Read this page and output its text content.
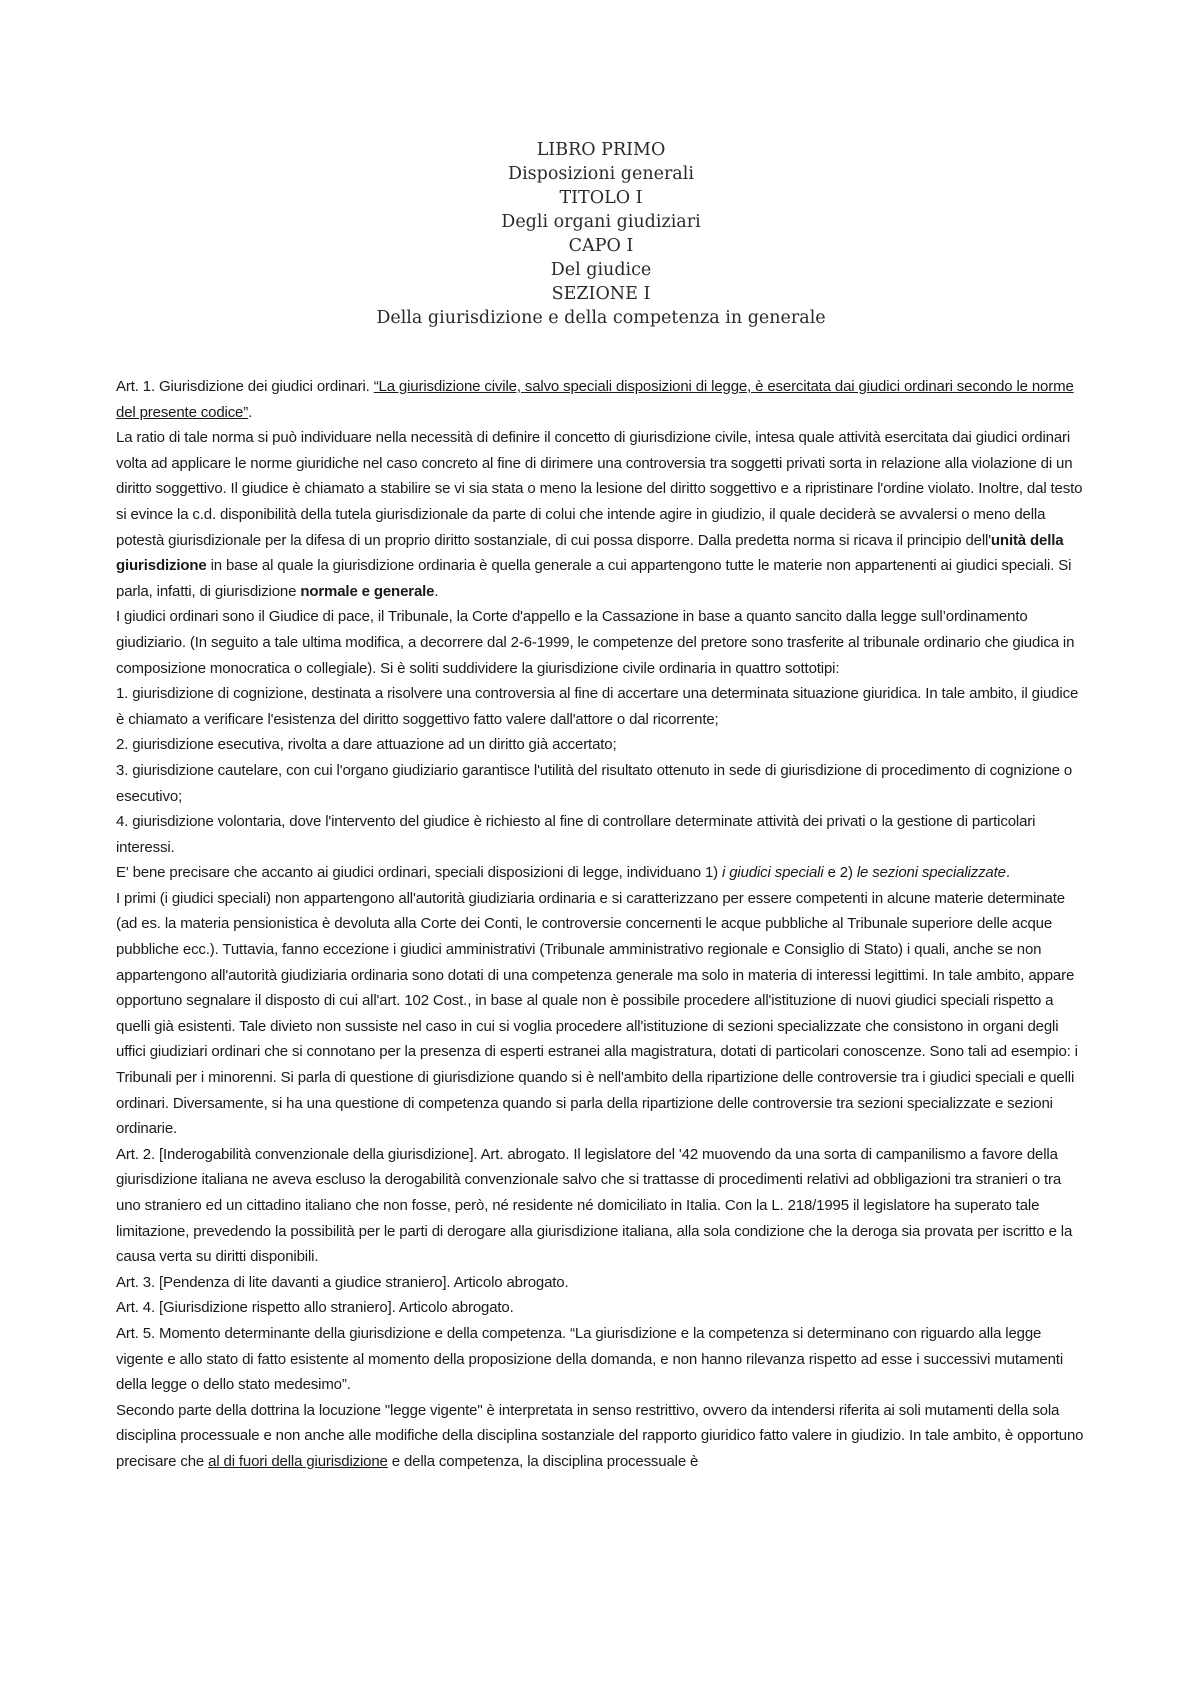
LIBRO PRIMO
Disposizioni generali
TITOLO I
Degli organi giudiziari
CAPO I
Del giudice
SEZIONE I
Della giurisdizione e della competenza in generale

Art. 1. Giurisdizione dei giudici ordinari. “La giurisdizione civile, salvo speciali disposizioni di legge, è esercitata dai giudici ordinari secondo le norme del presente codice”.

La ratio di tale norma si può individuare nella necessità di definire il concetto di giurisdizione civile, intesa quale attività esercitata dai giudici ordinari volta ad applicare le norme giuridiche nel caso concreto al fine di dirimere una controversia tra soggetti privati sorta in relazione alla violazione di un diritto soggettivo. Il giudice è chiamato a stabilire se vi sia stata o meno la lesione del diritto soggettivo e a ripristinare l'ordine violato. Inoltre, dal testo si evince la c.d. disponibilità della tutela giurisdizionale da parte di colui che intende agire in giudizio, il quale deciderà se avvalersi o meno della potestà giurisdizionale per la difesa di un proprio diritto sostanziale, di cui possa disporre. Dalla predetta norma si ricava il principio dell'unità della giurisdizione in base al quale la giurisdizione ordinaria è quella generale a cui appartengono tutte le materie non appartenenti ai giudici speciali. Si parla, infatti, di giurisdizione normale e generale.

I giudici ordinari sono il Giudice di pace, il Tribunale, la Corte d'appello e la Cassazione in base a quanto sancito dalla legge sull’ordinamento giudiziario. (In seguito a tale ultima modifica, a decorrere dal 2-6-1999, le competenze del pretore sono trasferite al tribunale ordinario che giudica in composizione monocratica o collegiale). Si è soliti suddividere la giurisdizione civile ordinaria in quattro sottotipi:

1. giurisdizione di cognizione, destinata a risolvere una controversia al fine di accertare una determinata situazione giuridica. In tale ambito, il giudice è chiamato a verificare l'esistenza del diritto soggettivo fatto valere dall'attore o dal ricorrente;

2. giurisdizione esecutiva, rivolta a dare attuazione ad un diritto già accertato;

3. giurisdizione cautelare, con cui l'organo giudiziario garantisce l'utilità del risultato ottenuto in sede di giurisdizione di procedimento di cognizione o esecutivo;

4. giurisdizione volontaria, dove l'intervento del giudice è richiesto al fine di controllare determinate attività dei privati o la gestione di particolari interessi.

E' bene precisare che accanto ai giudici ordinari, speciali disposizioni di legge, individuano 1) i giudici speciali e 2) le sezioni specializzate.

I primi (i giudici speciali) non appartengono all'autorità giudiziaria ordinaria e si caratterizzano per essere competenti in alcune materie determinate (ad es. la materia pensionistica è devoluta alla Corte dei Conti, le controversie concernenti le acque pubbliche al Tribunale superiore delle acque pubbliche ecc.). Tuttavia, fanno eccezione i giudici amministrativi (Tribunale amministrativo regionale e Consiglio di Stato) i quali, anche se non appartengono all'autorità giudiziaria ordinaria sono dotati di una competenza generale ma solo in materia di interessi legittimi. In tale ambito, appare opportuno segnalare il disposto di cui all'art. 102 Cost., in base al quale non è possibile procedere all'istituzione di nuovi giudici speciali rispetto a quelli già esistenti. Tale divieto non sussiste nel caso in cui si voglia procedere all'istituzione di sezioni specializzate che consistono in organi degli uffici giudiziari ordinari che si connotano per la presenza di esperti estranei alla magistratura, dotati di particolari conoscenze. Sono tali ad esempio: i Tribunali per i minorenni. Si parla di questione di giurisdizione quando si è nell'ambito della ripartizione delle controversie tra i giudici speciali e quelli ordinari. Diversamente, si ha una questione di competenza quando si parla della ripartizione delle controversie tra sezioni specializzate e sezioni ordinarie.

Art. 2. [Inderogabilità convenzionale della giurisdizione]. Art. abrogato. Il legislatore del '42 muovendo da una sorta di campanilismo a favore della giurisdizione italiana ne aveva escluso la derogabilità convenzionale salvo che si trattasse di procedimenti relativi ad obbligazioni tra stranieri o tra uno straniero ed un cittadino italiano che non fosse, però, né residente né domiciliato in Italia. Con la L. 218/1995 il legislatore ha superato tale limitazione, prevedendo la possibilità per le parti di derogare alla giurisdizione italiana, alla sola condizione che la deroga sia provata per iscritto e la causa verta su diritti disponibili.

Art. 3. [Pendenza di lite davanti a giudice straniero]. Articolo abrogato.

Art. 4. [Giurisdizione rispetto allo straniero]. Articolo abrogato.

Art. 5. Momento determinante della giurisdizione e della competenza. “La giurisdizione e la competenza si determinano con riguardo alla legge vigente e allo stato di fatto esistente al momento della proposizione della domanda, e non hanno rilevanza rispetto ad esse i successivi mutamenti della legge o dello stato medesimo”.

Secondo parte della dottrina la locuzione "legge vigente" è interpretata in senso restrittivo, ovvero da intendersi riferita ai soli mutamenti della sola disciplina processuale e non anche alle modifiche della disciplina sostanziale del rapporto giuridico fatto valere in giudizio. In tale ambito, è opportuno precisare che al di fuori della giurisdizione e della competenza, la disciplina processuale è
